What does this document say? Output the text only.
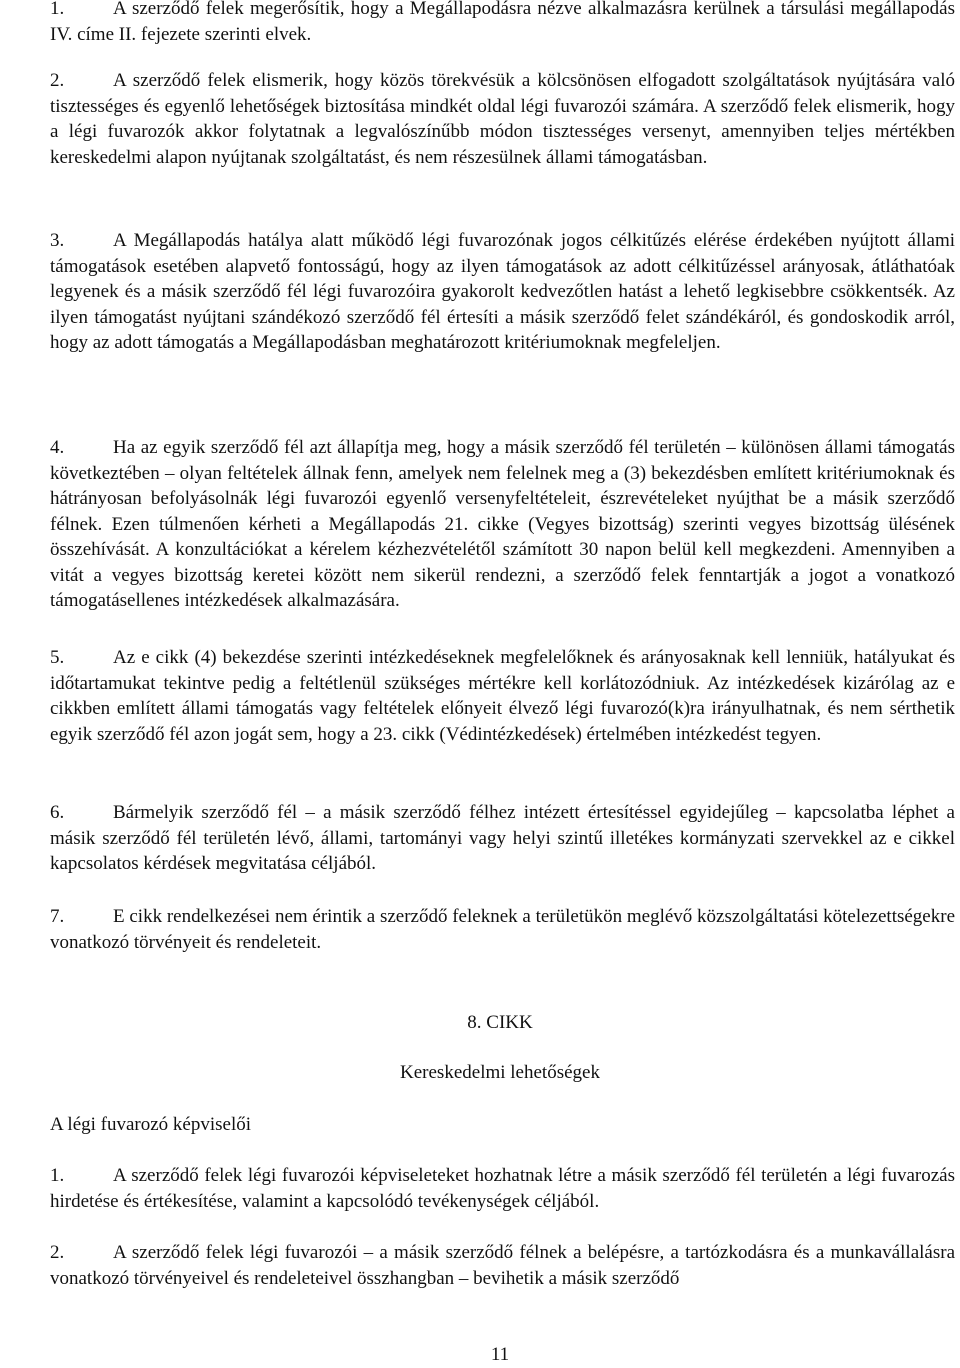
1.	A szerződő felek megerősítik, hogy a Megállapodásra nézve alkalmazásra kerülnek a társulási megállapodás IV. címe II. fejezete szerinti elvek.

2.	A szerződő felek elismerik, hogy közös törekvésük a kölcsönösen elfogadott szolgáltatások nyújtására való tisztességes és egyenlő lehetőségek biztosítása mindkét oldal légi fuvarozói számára. A szerződő felek elismerik, hogy a légi fuvarozók akkor folytatnak a legvalószínűbb módon tisztességes versenyt, amennyiben teljes mértékben kereskedelmi alapon nyújtanak szolgáltatást, és nem részesülnek állami támogatásban.

3.	A Megállapodás hatálya alatt működő légi fuvarozónak jogos célkitűzés elérése érdekében nyújtott állami támogatások esetében alapvető fontosságú, hogy az ilyen támogatások az adott célkitűzéssel arányosak, átláthatóak legyenek és a másik szerződő fél légi fuvarozóira gyakorolt kedvezőtlen hatást a lehető legkisebbre csökkentsék. Az ilyen támogatást nyújtani szándékozó szerződő fél értesíti a másik szerződő felet szándékáról, és gondoskodik arról, hogy az adott támogatás a Megállapodásban meghatározott kritériumoknak megfeleljen.

4.	Ha az egyik szerződő fél azt állapítja meg, hogy a másik szerződő fél területén – különösen állami támogatás következtében – olyan feltételek állnak fenn, amelyek nem felelnek meg a (3) bekezdésben említett kritériumoknak és hátrányosan befolyásolnák légi fuvarozói egyenlő versenyfeltételeit, észrevételeket nyújthat be a másik szerződő félnek. Ezen túlmenően kérheti a Megállapodás 21. cikke (Vegyes bizottság) szerinti vegyes bizottság ülésének összehívását. A konzultációkat a kérelem kézhezvételétől számított 30 napon belül kell megkezdeni. Amennyiben a vitát a vegyes bizottság keretei között nem sikerül rendezni, a szerződő felek fenntartják a jogot a vonatkozó támogatásellenes intézkedések alkalmazására.

5.	Az e cikk (4) bekezdése szerinti intézkedéseknek megfelelőknek és arányosaknak kell lenniük, hatályukat és időtartamukat tekintve pedig a feltétlenül szükséges mértékre kell korlátozódniuk. Az intézkedések kizárólag az e cikkben említett állami támogatás vagy feltételek előnyeit élvező légi fuvarozó(k)ra irányulhatnak, és nem sérthetik egyik szerződő fél azon jogát sem, hogy a 23. cikk (Védintézkedések) értelmében intézkedést tegyen.

6.	Bármelyik szerződő fél – a másik szerződő félhez intézett értesítéssel egyidejűleg – kapcsolatba léphet a másik szerződő fél területén lévő, állami, tartományi vagy helyi szintű illetékes kormányzati szervekkel az e cikkel kapcsolatos kérdések megvitatása céljából.

7.	E cikk rendelkezései nem érintik a szerződő feleknek a területükön meglévő közszolgáltatási kötelezettségekre vonatkozó törvényeit és rendeleteit.

8. CIKK

Kereskedelmi lehetőségek

A légi fuvarozó képviselői

1.	A szerződő felek légi fuvarozói képviseleteket hozhatnak létre a másik szerződő fél területén a légi fuvarozás hirdetése és értékesítése, valamint a kapcsolódó tevékenységek céljából.

2.	A szerződő felek légi fuvarozói – a másik szerződő félnek a belépésre, a tartózkodásra és a munkavállalásra vonatkozó törvényeivel és rendeleteivel összhangban – bevihetik a másik szerződő

11
